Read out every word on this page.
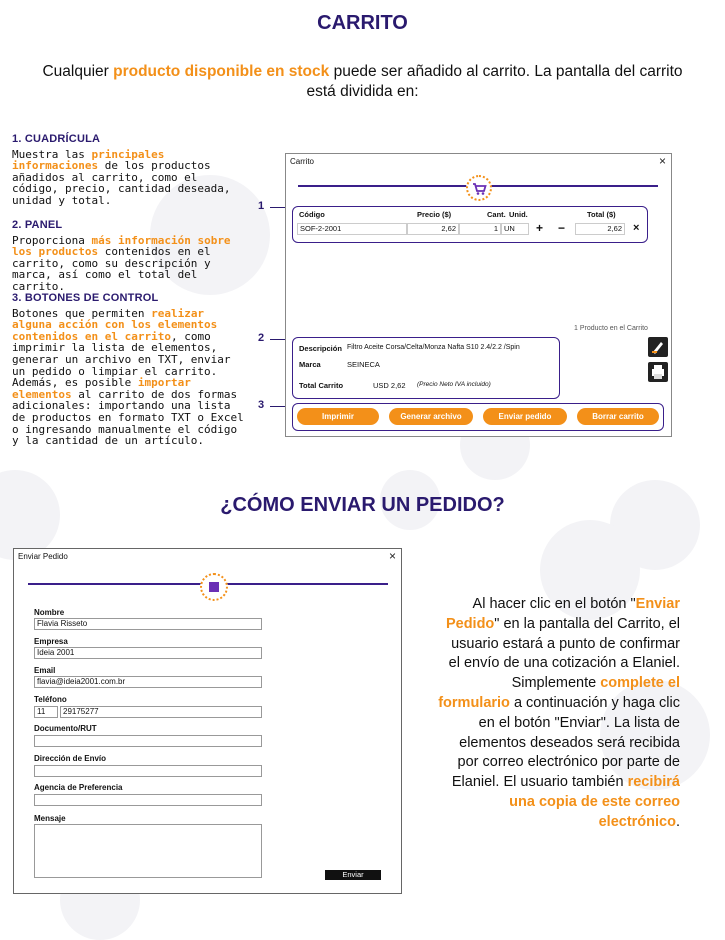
CARRITO
Cualquier producto disponible en stock puede ser añadido al carrito. La pantalla del carrito está dividida en:
1. CUADRÍCULA

Muestra las principales informaciones de los productos añadidos al carrito, como el código, precio, cantidad deseada, unidad y total.

2. PANEL

Proporciona más información sobre los productos contenidos en el carrito, como su descripción y marca, así como el total del carrito.

3. BOTONES DE CONTROL

Botones que permiten realizar alguna acción con los elementos contenidos en el carrito, como imprimir la lista de elementos, generar un archivo en TXT, enviar un pedido o limpiar el carrito. Además, es posible importar elementos al carrito de dos formas adicionales: importando una lista de productos en formato TXT o Excel o ingresando manualmente el código y la cantidad de un artículo.

1
2
3
Carrito	×
Código	Precio ($)	Cant. Unid.	Total ($)
SOF-2-2001	2,62	1 UN	+ −	2,62 ×
1 Producto en el Carrito
Descripción Filtro Aceite Corsa/Celta/Monza Nafta S10 2.4/2.2 /Spin
Marca	SEINECA
Total Carrito	USD 2,62 (Precio Neto IVA incluido)
Imprimir	Generar archivo	Enviar pedido	Borrar carrito
¿CÓMO ENVIAR UN PEDIDO?
Enviar Pedido	×
Nombre
Flavia Risseto
Empresa
Ideia 2001
Email
flavia@ideia2001.com.br
Teléfono
11	29175277
Documento/RUT
Dirección de Envío
Agencia de Preferencia
Mensaje
Enviar
Al hacer clic en el botón "Enviar Pedido" en la pantalla del Carrito, el usuario estará a punto de confirmar el envío de una cotización a Elaniel. Simplemente complete el formulario a continuación y haga clic en el botón "Enviar". La lista de elementos deseados será recibida por correo electrónico por parte de Elaniel. El usuario también recibirá una copia de este correo electrónico.
